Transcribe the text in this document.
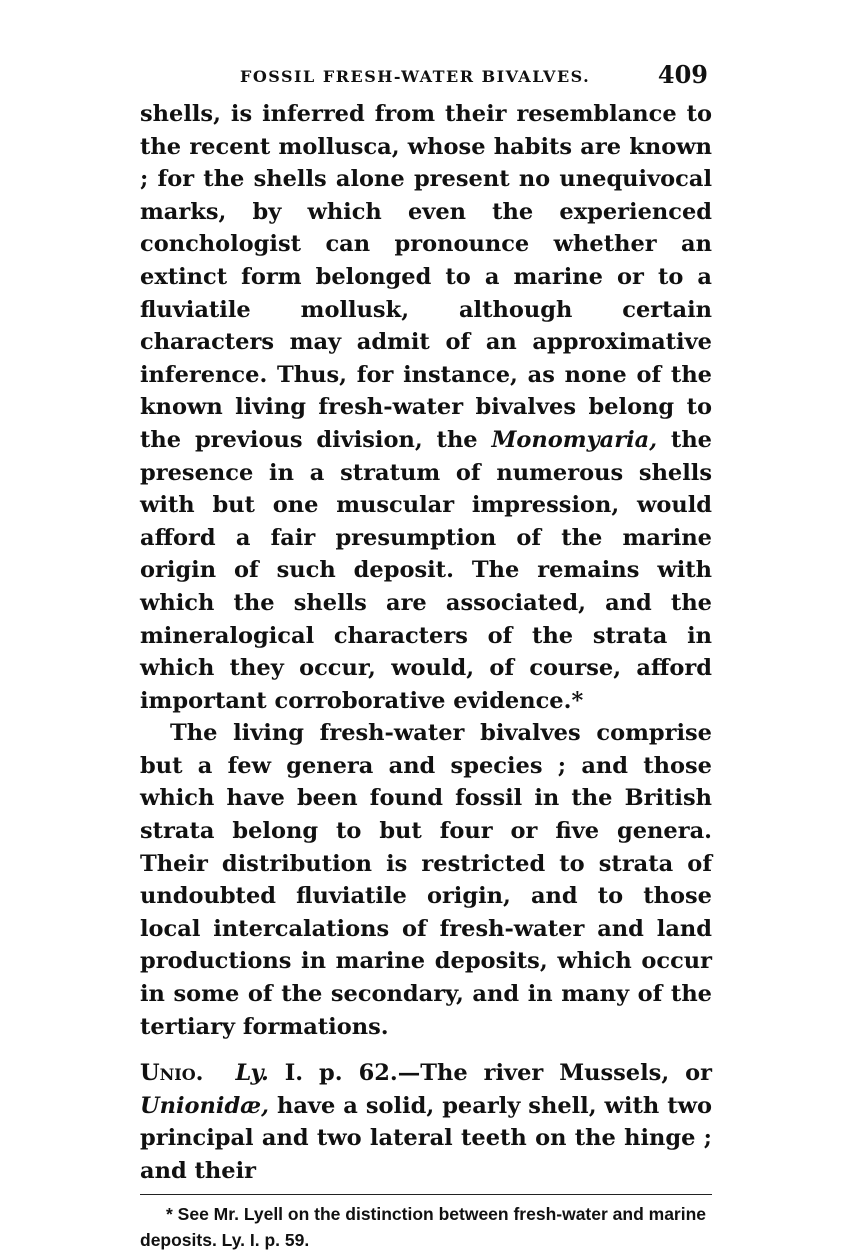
FOSSIL FRESH-WATER BIVALVES.	409

shells, is inferred from their resemblance to the recent mollusca, whose habits are known ; for the shells alone present no unequivocal marks, by which even the experienced conchologist can pronounce whether an extinct form belonged to a marine or to a fluviatile mollusk, although certain characters may admit of an approximative inference. Thus, for instance, as none of the known living fresh-water bivalves belong to the previous division, the Monomyaria, the presence in a stratum of numerous shells with but one muscular impression, would afford a fair presumption of the marine origin of such deposit. The remains with which the shells are associated, and the mineralogical characters of the strata in which they occur, would, of course, afford important corroborative evidence.*

The living fresh-water bivalves comprise but a few genera and species ; and those which have been found fossil in the British strata belong to but four or five genera. Their distribution is restricted to strata of undoubted fluviatile origin, and to those local intercalations of fresh-water and land productions in marine deposits, which occur in some of the secondary, and in many of the tertiary formations.

Unio. Ly. I. p. 62.—The river Mussels, or Unionidæ, have a solid, pearly shell, with two principal and two lateral teeth on the hinge ; and their

* See Mr. Lyell on the distinction between fresh-water and marine deposits. Ly. I. p. 59.
